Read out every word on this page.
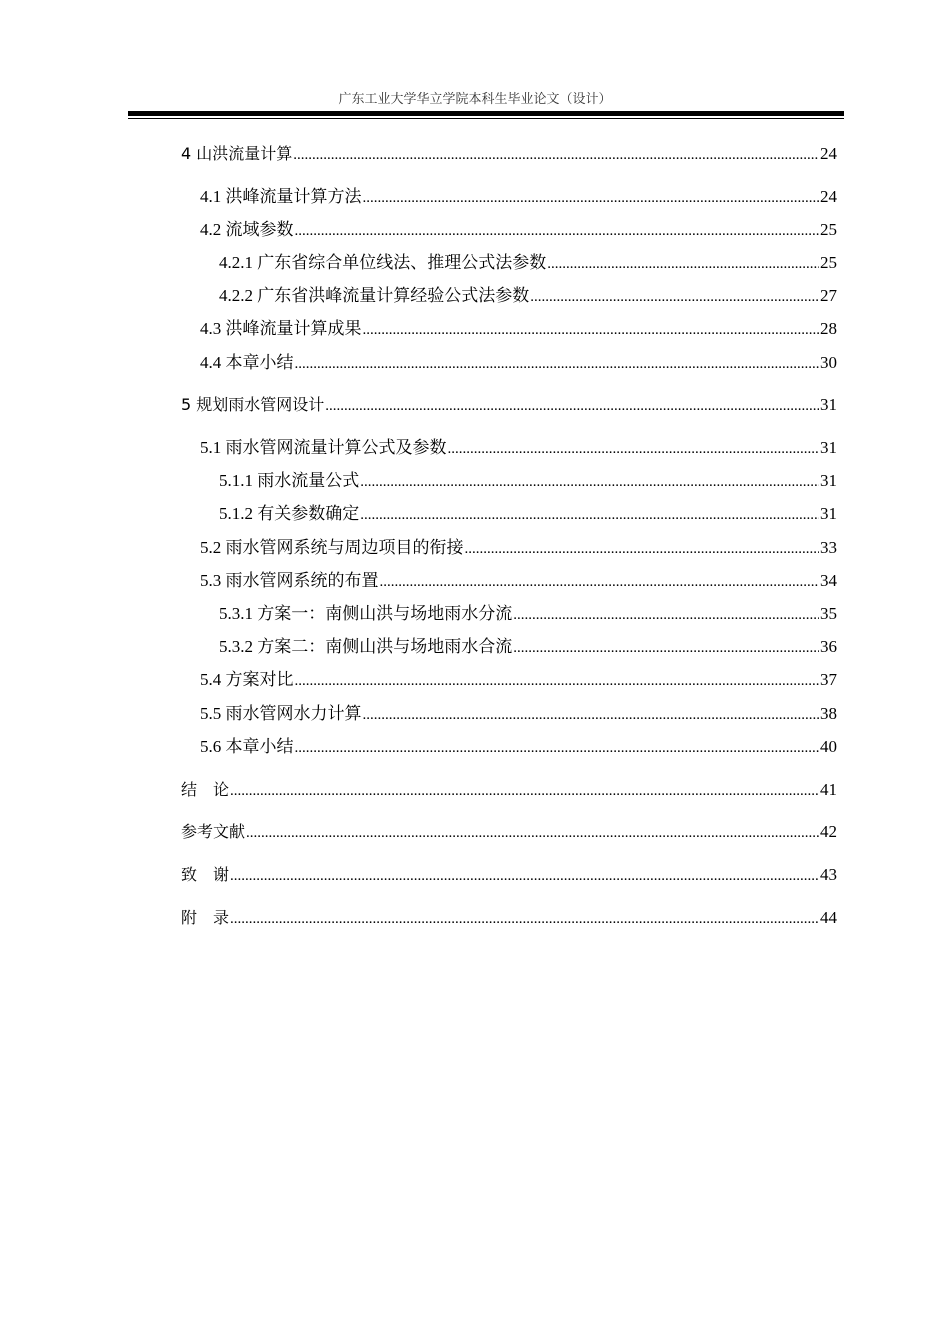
广东工业大学华立学院本科生毕业论文（设计）
4 山洪流量计算 .....	24
4.1 洪峰流量计算方法 .....	24
4.2 流域参数 .....	25
4.2.1 广东省综合单位线法、推理公式法参数 .....	25
4.2.2 广东省洪峰流量计算经验公式法参数 .....	27
4.3 洪峰流量计算成果 .....	28
4.4 本章小结 .....	30
5 规划雨水管网设计 .....	31
5.1 雨水管网流量计算公式及参数 .....	31
5.1.1 雨水流量公式 .....	31
5.1.2 有关参数确定 .....	31
5.2 雨水管网系统与周边项目的衔接 .....	33
5.3 雨水管网系统的布置 .....	34
5.3.1 方案一：南侧山洪与场地雨水分流 .....	35
5.3.2 方案二：南侧山洪与场地雨水合流 .....	36
5.4 方案对比 .....	37
5.5 雨水管网水力计算 .....	38
5.6 本章小结 .....	40
结　论 .....	41
参考文献 .....	42
致　谢 .....	43
附　录 .....	44
